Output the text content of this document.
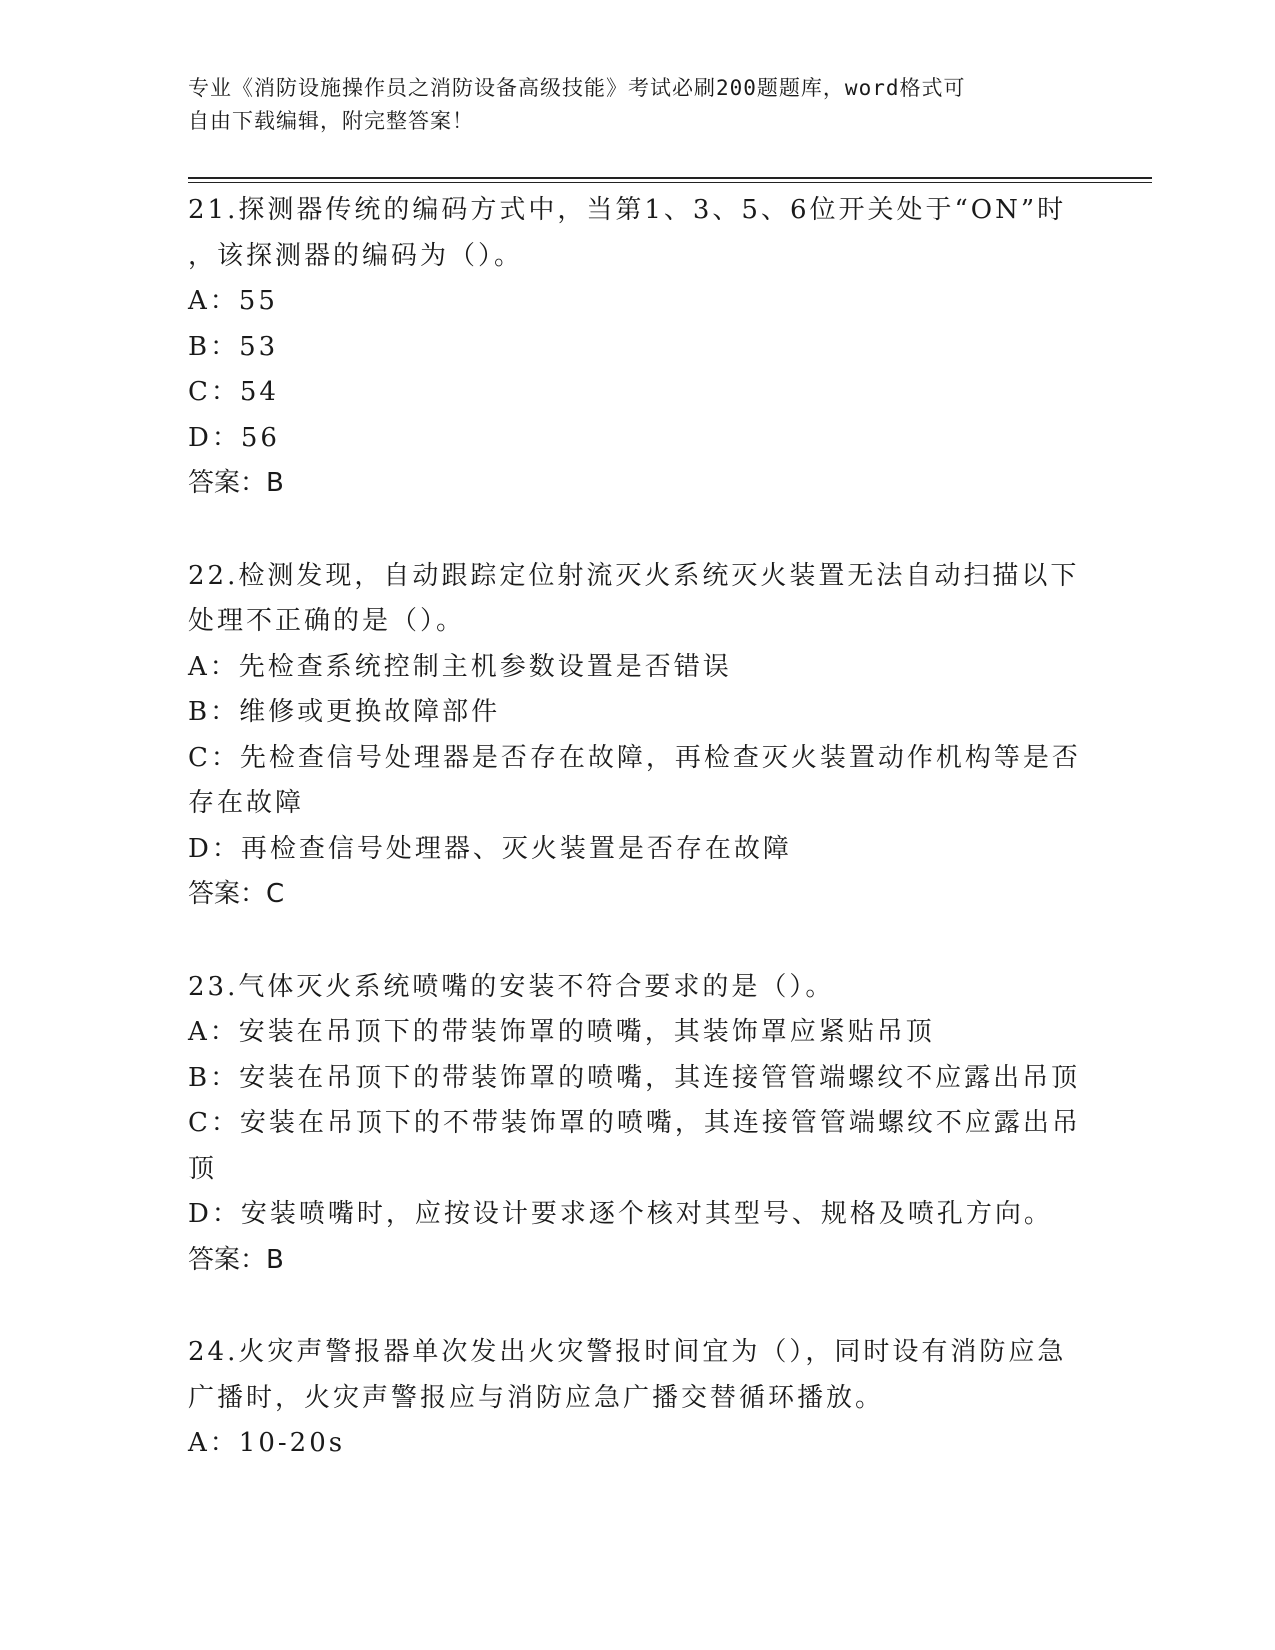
专业《消防设施操作员之消防设备高级技能》考试必刷200题题库，word格式可
自由下载编辑，附完整答案！

21.探测器传统的编码方式中，当第1、3、5、6位开关处于“ON”时
，该探测器的编码为（）。

A：55

B：53

C：54

D：56

答案：B

22.检测发现，自动跟踪定位射流灭火系统灭火装置无法自动扫描以下
处理不正确的是（）。

A：先检查系统控制主机参数设置是否错误

B：维修或更换故障部件

C：先检查信号处理器是否存在故障，再检查灭火装置动作机构等是否
存在故障

D：再检查信号处理器、灭火装置是否存在故障

答案：C

23.气体灭火系统喷嘴的安装不符合要求的是（）。

A：安装在吊顶下的带装饰罩的喷嘴，其装饰罩应紧贴吊顶

B：安装在吊顶下的带装饰罩的喷嘴，其连接管管端螺纹不应露出吊顶

C：安装在吊顶下的不带装饰罩的喷嘴，其连接管管端螺纹不应露出吊
顶

D：安装喷嘴时，应按设计要求逐个核对其型号、规格及喷孔方向。

答案：B

24.火灾声警报器单次发出火灾警报时间宜为（），同时设有消防应急
广播时，火灾声警报应与消防应急广播交替循环播放。

A：10-20s
